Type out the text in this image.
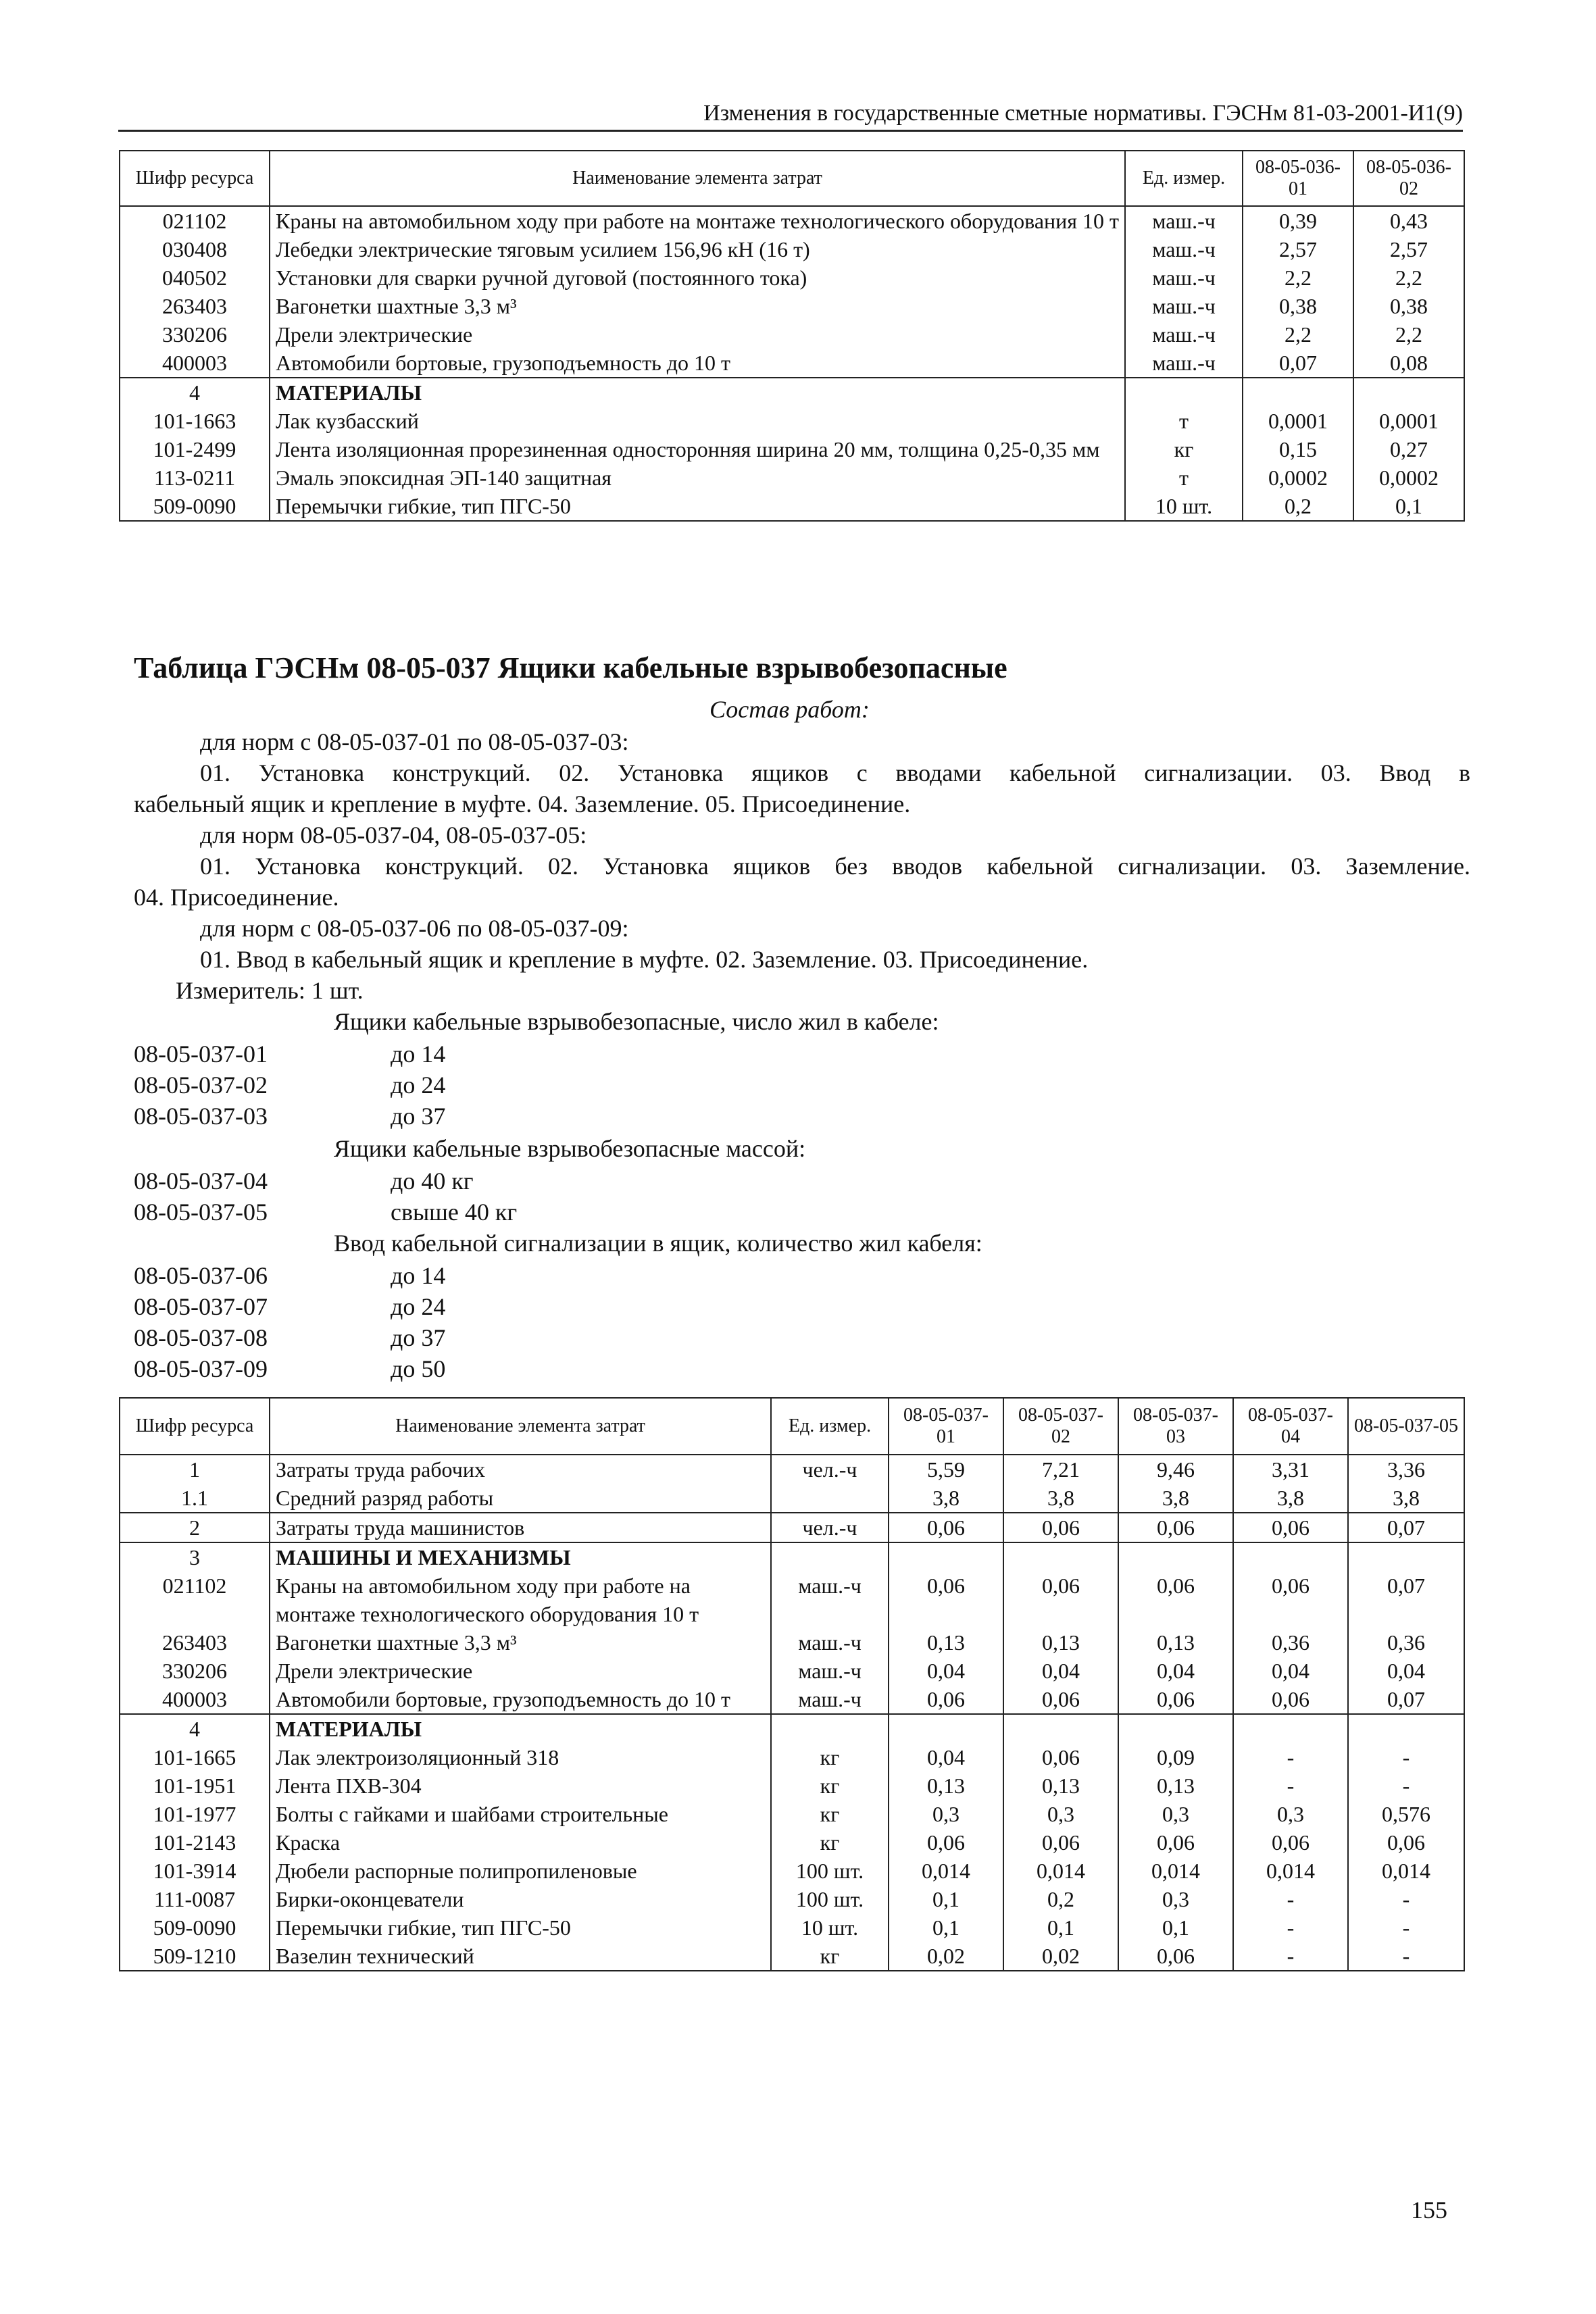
Изменения в государственные сметные нормативы. ГЭСНм 81-03-2001-И1(9)
Шифр ресурса	Наименование элемента затрат	Ед. измер.	08-05-036-01	08-05-036-02
021102	Краны на автомобильном ходу при работе на монтаже технологического оборудования 10 т	маш.-ч	0,39	0,43
030408	Лебедки электрические тяговым усилием 156,96 кН (16 т)	маш.-ч	2,57	2,57
040502	Установки для сварки ручной дуговой (постоянного тока)	маш.-ч	2,2	2,2
263403	Вагонетки шахтные 3,3 м³	маш.-ч	0,38	0,38
330206	Дрели электрические	маш.-ч	2,2	2,2
400003	Автомобили бортовые, грузоподъемность до 10 т	маш.-ч	0,07	0,08
4	МАТЕРИАЛЫ			
101-1663	Лак кузбасский	т	0,0001	0,0001
101-2499	Лента изоляционная прорезиненная односторонняя ширина 20 мм, толщина 0,25-0,35 мм	кг	0,15	0,27
113-0211	Эмаль эпоксидная ЭП-140 защитная	т	0,0002	0,0002
509-0090	Перемычки гибкие, тип ПГС-50	10 шт.	0,2	0,1
Таблица ГЭСНм 08-05-037 Ящики кабельные взрывобезопасные
Состав работ:
для норм с 08-05-037-01 по 08-05-037-03:
01. Установка конструкций. 02. Установка ящиков с вводами кабельной сигнализации. 03. Ввод в
кабельный ящик и крепление в муфте. 04. Заземление. 05. Присоединение.
для норм 08-05-037-04, 08-05-037-05:
01. Установка конструкций. 02. Установка ящиков без вводов кабельной сигнализации. 03. Заземление.
04. Присоединение.
для норм с 08-05-037-06 по 08-05-037-09:
01. Ввод в кабельный ящик и крепление в муфте. 02. Заземление. 03. Присоединение.
Измеритель: 1 шт.
Ящики кабельные взрывобезопасные, число жил в кабеле:
08-05-037-01	до 14
08-05-037-02	до 24
08-05-037-03	до 37
Ящики кабельные взрывобезопасные массой:
08-05-037-04	до 40 кг
08-05-037-05	свыше 40 кг
Ввод кабельной сигнализации в ящик, количество жил кабеля:
08-05-037-06	до 14
08-05-037-07	до 24
08-05-037-08	до 37
08-05-037-09	до 50
Шифр ресурса	Наименование элемента затрат	Ед. измер.	08-05-037-01	08-05-037-02	08-05-037-03	08-05-037-04	08-05-037-05
1	Затраты труда рабочих	чел.-ч	5,59	7,21	9,46	3,31	3,36
1.1	Средний разряд работы		3,8	3,8	3,8	3,8	3,8
2	Затраты труда машинистов	чел.-ч	0,06	0,06	0,06	0,06	0,07
3	МАШИНЫ И МЕХАНИЗМЫ						
021102	Краны на автомобильном ходу при работе на монтаже технологического оборудования 10 т	маш.-ч	0,06	0,06	0,06	0,06	0,07
263403	Вагонетки шахтные 3,3 м³	маш.-ч	0,13	0,13	0,13	0,36	0,36
330206	Дрели электрические	маш.-ч	0,04	0,04	0,04	0,04	0,04
400003	Автомобили бортовые, грузоподъемность до 10 т	маш.-ч	0,06	0,06	0,06	0,06	0,07
4	МАТЕРИАЛЫ						
101-1665	Лак электроизоляционный 318	кг	0,04	0,06	0,09	-	-
101-1951	Лента ПХВ-304	кг	0,13	0,13	0,13	-	-
101-1977	Болты с гайками и шайбами строительные	кг	0,3	0,3	0,3	0,3	0,576
101-2143	Краска	кг	0,06	0,06	0,06	0,06	0,06
101-3914	Дюбели распорные полипропиленовые	100 шт.	0,014	0,014	0,014	0,014	0,014
111-0087	Бирки-оконцеватели	100 шт.	0,1	0,2	0,3	-	-
509-0090	Перемычки гибкие, тип ПГС-50	10 шт.	0,1	0,1	0,1	-	-
509-1210	Вазелин технический	кг	0,02	0,02	0,06	-	-
155
